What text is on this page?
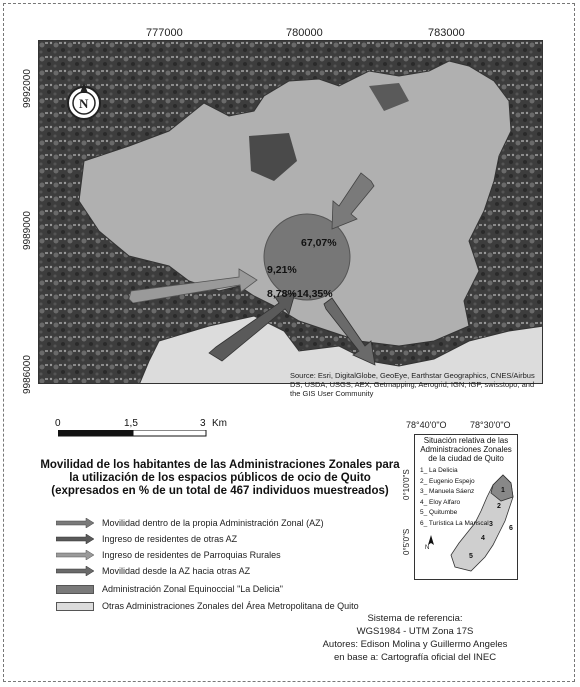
777000	780000	783000
9992000
9989000
9986000
N
67,07%
9,21%
8,78% 14,35%
Source: Esri, DigitalGlobe, GeoEye, Earthstar Geographics, CNES/Airbus DS, USDA, USGS, AEX, Getmapping, Aerogrid, IGN, IGP, swisstopo, and the GIS User Community
0	1,5	3 Km	78°40'0"O	78°30'0"O
0°10'0"S
0°5'0"S N
1
2
3
4
5
6
Situación relativa de las Administraciones Zonales de la ciudad de Quito
1_ La Delicia
2_ Eugenio Espejo
3_ Manuela Sáenz
4_ Eloy Alfaro
5_ Quitumbe
6_ Turística La Mariscal
Movilidad de los habitantes de las Administraciones Zonales para la utilización de los espacios públicos de ocio de Quito (expresados en % de un total de 467 individuos muestreados)
Movilidad dentro de la propia Administración Zonal (AZ)
Ingreso de residentes de otras AZ
Ingreso de residentes de Parroquias Rurales
Movilidad desde la AZ hacia otras AZ
Administración Zonal Equinoccial "La Delicia"
Otras Administraciones Zonales del Área Metropolitana de Quito
Sistema de referencia:
WGS1984 - UTM Zona 17S
Autores: Edison Molina y Guillermo Angeles
en base a: Cartografía oficial del INEC
